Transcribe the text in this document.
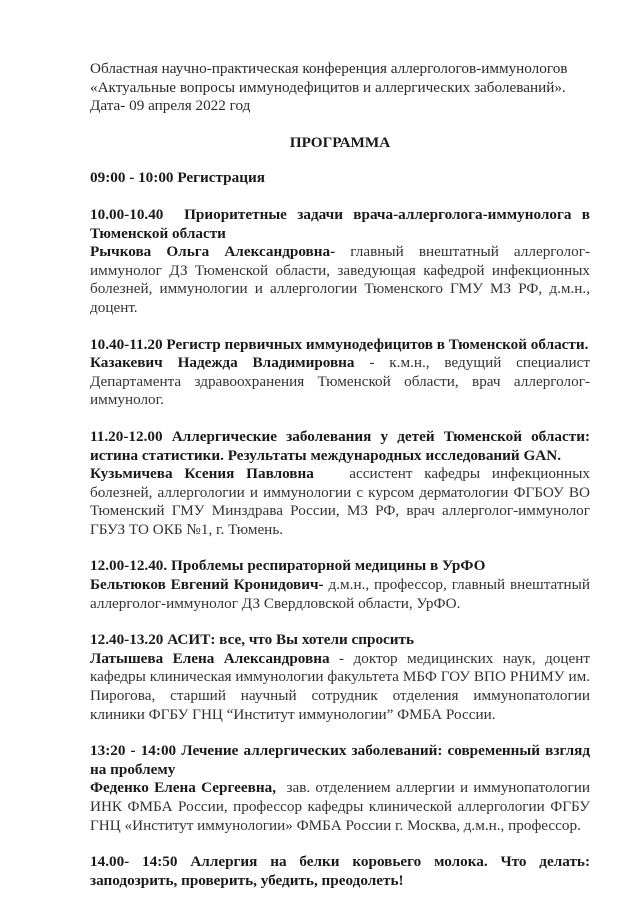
Областная научно-практическая конференция аллергологов-иммунологов

«Актуальные вопросы иммунодефицитов и аллергических заболеваний».

Дата- 09 апреля 2022 год

ПРОГРАММА
09:00 - 10:00 Регистрация
10.00-10.40 Приоритетные задачи врача-аллерголога-иммунолога в Тюменской области
Рычкова Ольга Александровна- главный внештатный аллерголог-иммунолог ДЗ Тюменской области, заведующая кафедрой инфекционных болезней, иммунологии и аллергологии Тюменского ГМУ МЗ РФ, д.м.н., доцент.
10.40-11.20 Регистр первичных иммунодефицитов в Тюменской области.
Казакевич Надежда Владимировна - к.м.н., ведущий специалист Департамента здравоохранения Тюменской области, врач аллерголог-иммунолог.
11.20-12.00 Аллергические заболевания у детей Тюменской области: истина статистики. Результаты международных исследований GAN.
Кузьмичева Ксения Павловна ассистент кафедры инфекционных болезней, аллергологии и иммунологии с курсом дерматологии ФГБОУ ВО Тюменский ГМУ Минздрава России, МЗ РФ, врач аллерголог-иммунолог ГБУЗ ТО ОКБ №1, г. Тюмень.
12.00-12.40. Проблемы респираторной медицины в УрФО
Бельтюков Евгений Кронидович- д.м.н., профессор, главный внештатный аллерголог-иммунолог ДЗ Свердловской области, УрФО.
12.40-13.20 АСИТ: все, что Вы хотели спросить
Латышева Елена Александровна - доктор медицинских наук, доцент кафедры клиническая иммунологии факультета МБФ ГОУ ВПО РНИМУ им. Пирогова, старший научный сотрудник отделения иммунопатологии клиники ФГБУ ГНЦ “Институт иммунологии” ФМБА России.
13:20 - 14:00 Лечение аллергических заболеваний: современный взгляд на проблему
Феденко Елена Сергеевна, зав. отделением аллергии и иммунопатологии ИНК ФМБА России, профессор кафедры клинической аллергологии ФГБУ ГНЦ «Институт иммунологии» ФМБА России г. Москва, д.м.н., профессор.
14.00- 14:50 Аллергия на белки коровьего молока. Что делать: заподозрить, проверить, убедить, преодолеть!
